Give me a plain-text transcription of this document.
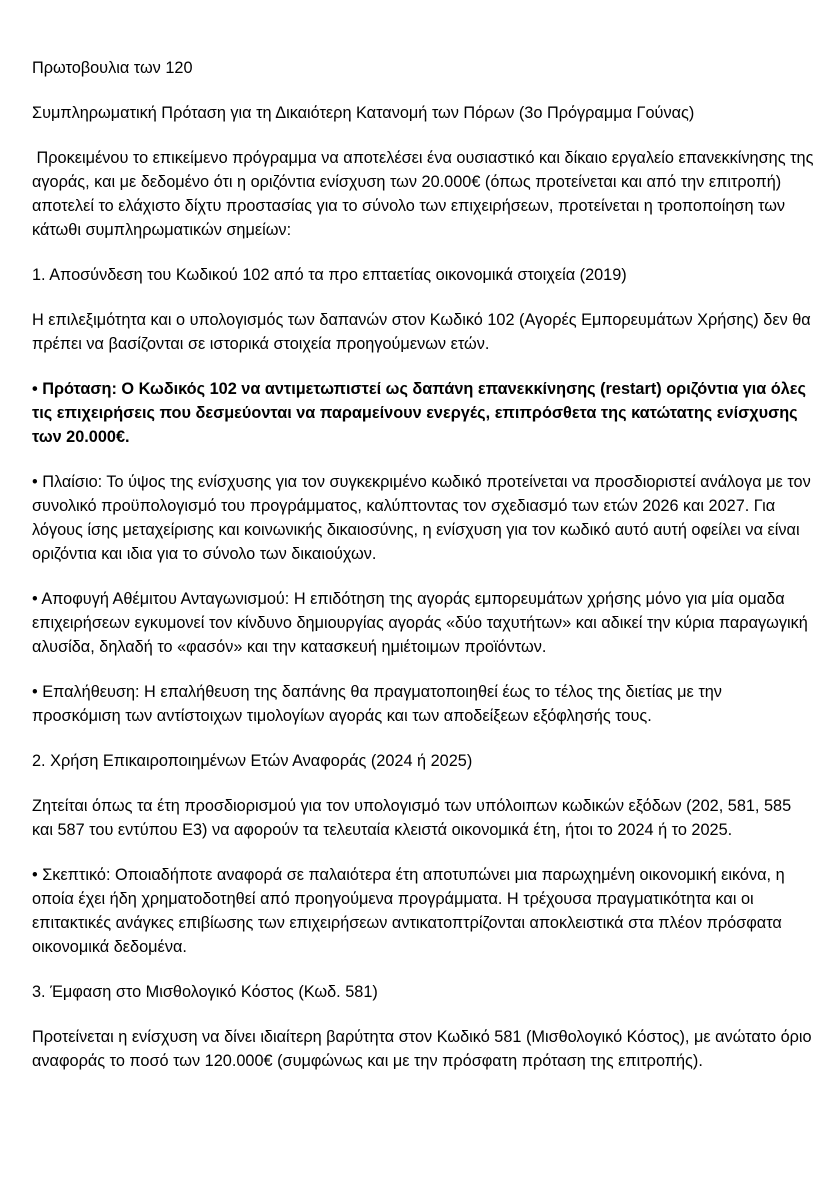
Πρωτοβουλια των 120

Συμπληρωματική Πρόταση για τη Δικαιότερη Κατανομή των Πόρων (3ο Πρόγραμμα Γούνας)

Προκειμένου το επικείμενο πρόγραμμα να αποτελέσει ένα ουσιαστικό και δίκαιο εργαλείο επανεκκίνησης της αγοράς, και με δεδομένο ότι η οριζόντια ενίσχυση των 20.000€ (όπως προτείνεται και από την επιτροπή) αποτελεί το ελάχιστο δίχτυ προστασίας για το σύνολο των επιχειρήσεων, προτείνεται η τροποποίηση των κάτωθι συμπληρωματικών σημείων:

1. Αποσύνδεση του Κωδικού 102 από τα προ επταετίας οικονομικά στοιχεία (2019)

Η επιλεξιμότητα και ο υπολογισμός των δαπανών στον Κωδικό 102 (Αγορές Εμπορευμάτων Χρήσης) δεν θα πρέπει να βασίζονται σε ιστορικά στοιχεία προηγούμενων ετών.

• Πρόταση: Ο Κωδικός 102 να αντιμετωπιστεί ως δαπάνη επανεκκίνησης (restart) οριζόντια για όλες τις επιχειρήσεις που δεσμεύονται να παραμείνουν ενεργές, επιπρόσθετα της κατώτατης ενίσχυσης των 20.000€.

• Πλαίσιο: Το ύψος της ενίσχυσης για τον συγκεκριμένο κωδικό προτείνεται να προσδιοριστεί ανάλογα με τον συνολικό προϋπολογισμό του προγράμματος, καλύπτοντας τον σχεδιασμό των ετών 2026 και 2027. Για λόγους ίσης μεταχείρισης και κοινωνικής δικαιοσύνης, η ενίσχυση για τον κωδικό αυτό αυτή οφείλει να είναι οριζόντια και ιδια για το σύνολο των δικαιούχων.

• Αποφυγή Αθέμιτου Ανταγωνισμού: Η επιδότηση της αγοράς εμπορευμάτων χρήσης μόνο για μία ομαδα επιχειρήσεων εγκυμονεί τον κίνδυνο δημιουργίας αγοράς «δύο ταχυτήτων» και αδικεί την κύρια παραγωγική αλυσίδα, δηλαδή το «φασόν» και την κατασκευή ημιέτοιμων προϊόντων.

• Επαλήθευση: Η επαλήθευση της δαπάνης θα πραγματοποιηθεί έως το τέλος της διετίας με την προσκόμιση των αντίστοιχων τιμολογίων αγοράς και των αποδείξεων εξόφλησής τους.

2. Χρήση Επικαιροποιημένων Ετών Αναφοράς (2024 ή 2025)

Ζητείται όπως τα έτη προσδιορισμού για τον υπολογισμό των υπόλοιπων κωδικών εξόδων (202, 581, 585 και 587 του εντύπου Ε3) να αφορούν τα τελευταία κλειστά οικονομικά έτη, ήτοι το 2024 ή το 2025.

• Σκεπτικό: Οποιαδήποτε αναφορά σε παλαιότερα έτη αποτυπώνει μια παρωχημένη οικονομική εικόνα, η οποία έχει ήδη χρηματοδοτηθεί από προηγούμενα προγράμματα. Η τρέχουσα πραγματικότητα και οι επιτακτικές ανάγκες επιβίωσης των επιχειρήσεων αντικατοπτρίζονται αποκλειστικά στα πλέον πρόσφατα οικονομικά δεδομένα.

3. Έμφαση στο Μισθολογικό Κόστος (Κωδ. 581)

Προτείνεται η ενίσχυση να δίνει ιδιαίτερη βαρύτητα στον Κωδικό 581 (Μισθολογικό Κόστος), με ανώτατο όριο αναφοράς το ποσό των 120.000€ (συμφώνως και με την πρόσφατη πρόταση της επιτροπής).
